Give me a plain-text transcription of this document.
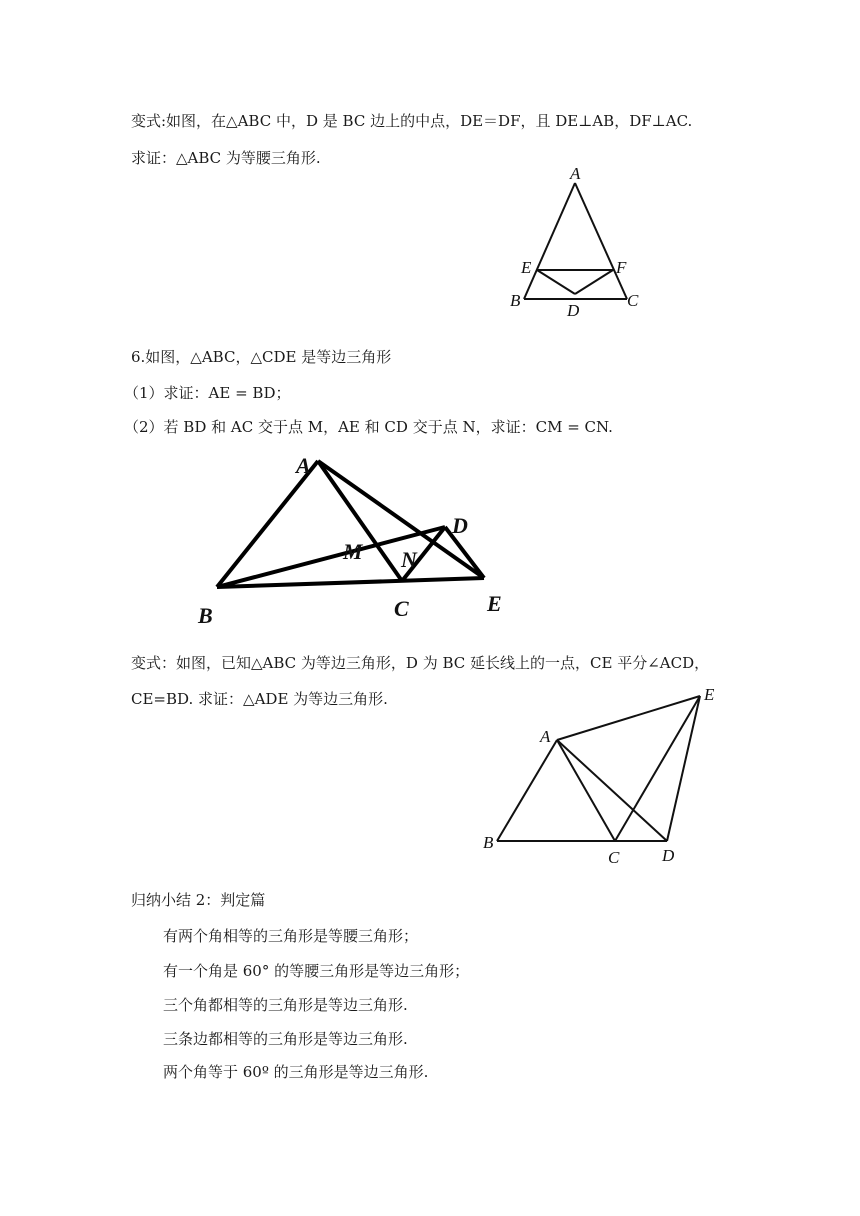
变式:如图，在△ABC 中，D 是 BC 边上的中点，DE＝DF，且 DE⊥AB，DF⊥AC.
求证：△ABC 为等腰三角形.
A
E	F
B	C
D
6.如图，△ABC，△CDE 是等边三角形
（1）求证：AE = BD；
（2）若 BD 和 AC 交于点 M，AE 和 CD 交于点 N，求证：CM = CN.
A
D
M N
B	C	E
变式：如图，已知△ABC 为等边三角形，D 为 BC 延长线上的一点，CE 平分∠ACD，
CE=BD. 求证：△ADE 为等边三角形.
A
E
B
C	D
归纳小结 2：判定篇
有两个角相等的三角形是等腰三角形；
有一个角是 60° 的等腰三角形是等边三角形；
三个角都相等的三角形是等边三角形.
三条边都相等的三角形是等边三角形.
两个角等于 60º 的三角形是等边三角形.
